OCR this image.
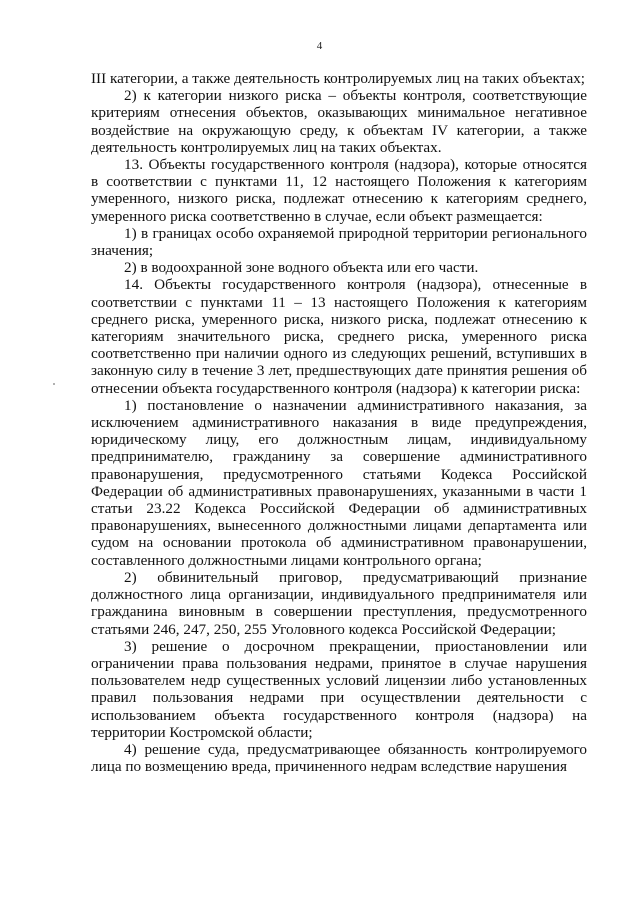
4

III категории, а также деятельность контролируемых лиц на таких объектах;

2) к категории низкого риска – объекты контроля, соответствующие критериям отнесения объектов, оказывающих минимальное негативное воздействие на окружающую среду, к объектам IV категории, а также деятельность контролируемых лиц на таких объектах.

13. Объекты государственного контроля (надзора), которые относятся в соответствии с пунктами 11, 12 настоящего Положения к категориям умеренного, низкого риска, подлежат отнесению к категориям среднего, умеренного риска соответственно в случае, если объект размещается:

1) в границах особо охраняемой природной территории регионального значения;

2) в водоохранной зоне водного объекта или его части.

14. Объекты государственного контроля (надзора), отнесенные в соответствии с пунктами 11 – 13 настоящего Положения к категориям среднего риска, умеренного риска, низкого риска, подлежат отнесению к категориям значительного риска, среднего риска, умеренного риска соответственно при наличии одного из следующих решений, вступивших в законную силу в течение 3 лет, предшествующих дате принятия решения об отнесении объекта государственного контроля (надзора) к категории риска:

1) постановление о назначении административного наказания, за исключением административного наказания в виде предупреждения, юридическому лицу, его должностным лицам, индивидуальному предпринимателю, гражданину за совершение административного правонарушения, предусмотренного статьями Кодекса Российской Федерации об административных правонарушениях, указанными в части 1 статьи 23.22 Кодекса Российской Федерации об административных правонарушениях, вынесенного должностными лицами департамента или судом на основании протокола об административном правонарушении, составленного должностными лицами контрольного органа;

2) обвинительный приговор, предусматривающий признание должностного лица организации, индивидуального предпринимателя или гражданина виновным в совершении преступления, предусмотренного статьями 246, 247, 250, 255 Уголовного кодекса Российской Федерации;

3) решение о досрочном прекращении, приостановлении или ограничении права пользования недрами, принятое в случае нарушения пользователем недр существенных условий лицензии либо установленных правил пользования недрами при осуществлении деятельности с использованием объекта государственного контроля (надзора) на территории Костромской области;

4) решение суда, предусматривающее обязанность контролируемого лица по возмещению вреда, причиненного недрам вследствие нарушения
